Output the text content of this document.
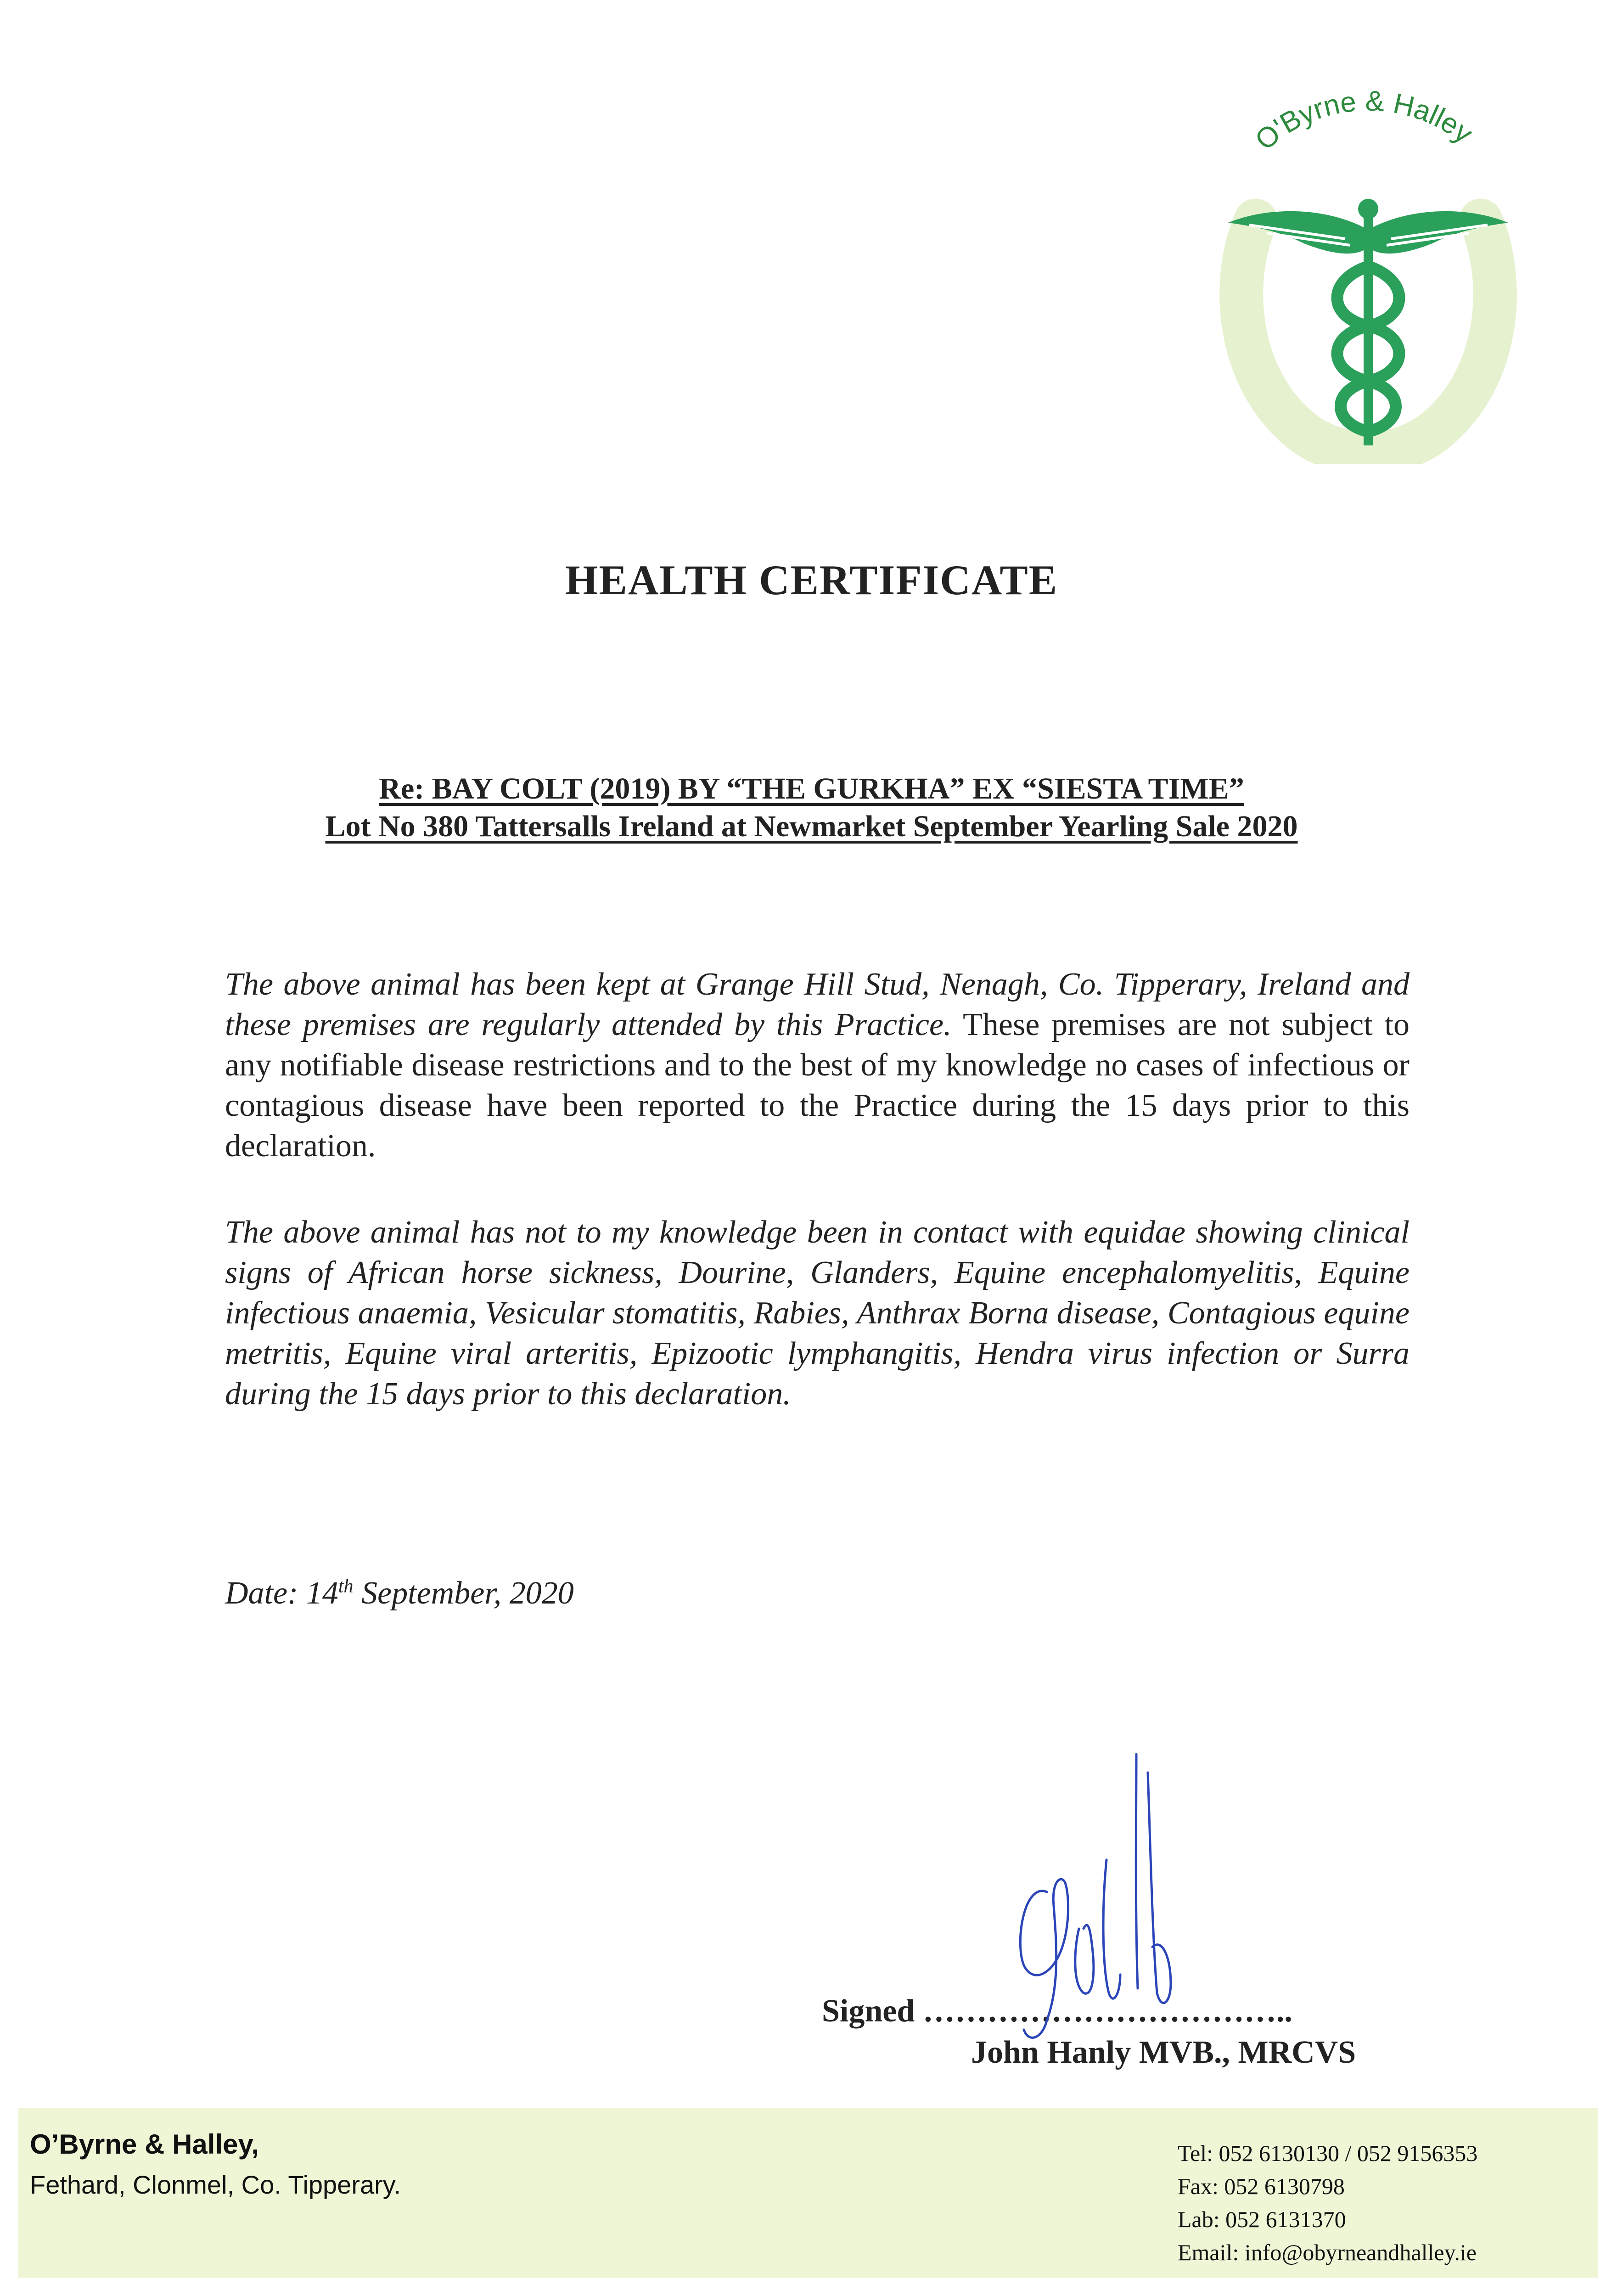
O'Byrne & Halley
HEALTH CERTIFICATE
Re: BAY COLT (2019) BY “THE GURKHA” EX “SIESTA TIME”
Lot No 380 Tattersalls Ireland at Newmarket September Yearling Sale 2020
The above animal has been kept at Grange Hill Stud, Nenagh, Co. Tipperary, Ireland and these premises are regularly attended by this Practice. These premises are not subject to any notifiable disease restrictions and to the best of my knowledge no cases of infectious or contagious disease have been reported to the Practice during the 15 days prior to this declaration.
The above animal has not to my knowledge been in contact with equidae showing clinical signs of African horse sickness, Dourine, Glanders, Equine encephalomyelitis, Equine infectious anaemia, Vesicular stomatitis, Rabies, Anthrax Borna disease, Contagious equine metritis, Equine viral arteritis, Epizootic lymphangitis, Hendra virus infection or Surra during the 15 days prior to this declaration.
Date: 14th September, 2020
Signed ……………………………..
John Hanly MVB., MRCVS
O’Byrne & Halley,
Fethard, Clonmel, Co. Tipperary.
Tel: 052 6130130 / 052 9156353
Fax: 052 6130798
Lab: 052 6131370
Email: info@obyrneandhalley.ie
